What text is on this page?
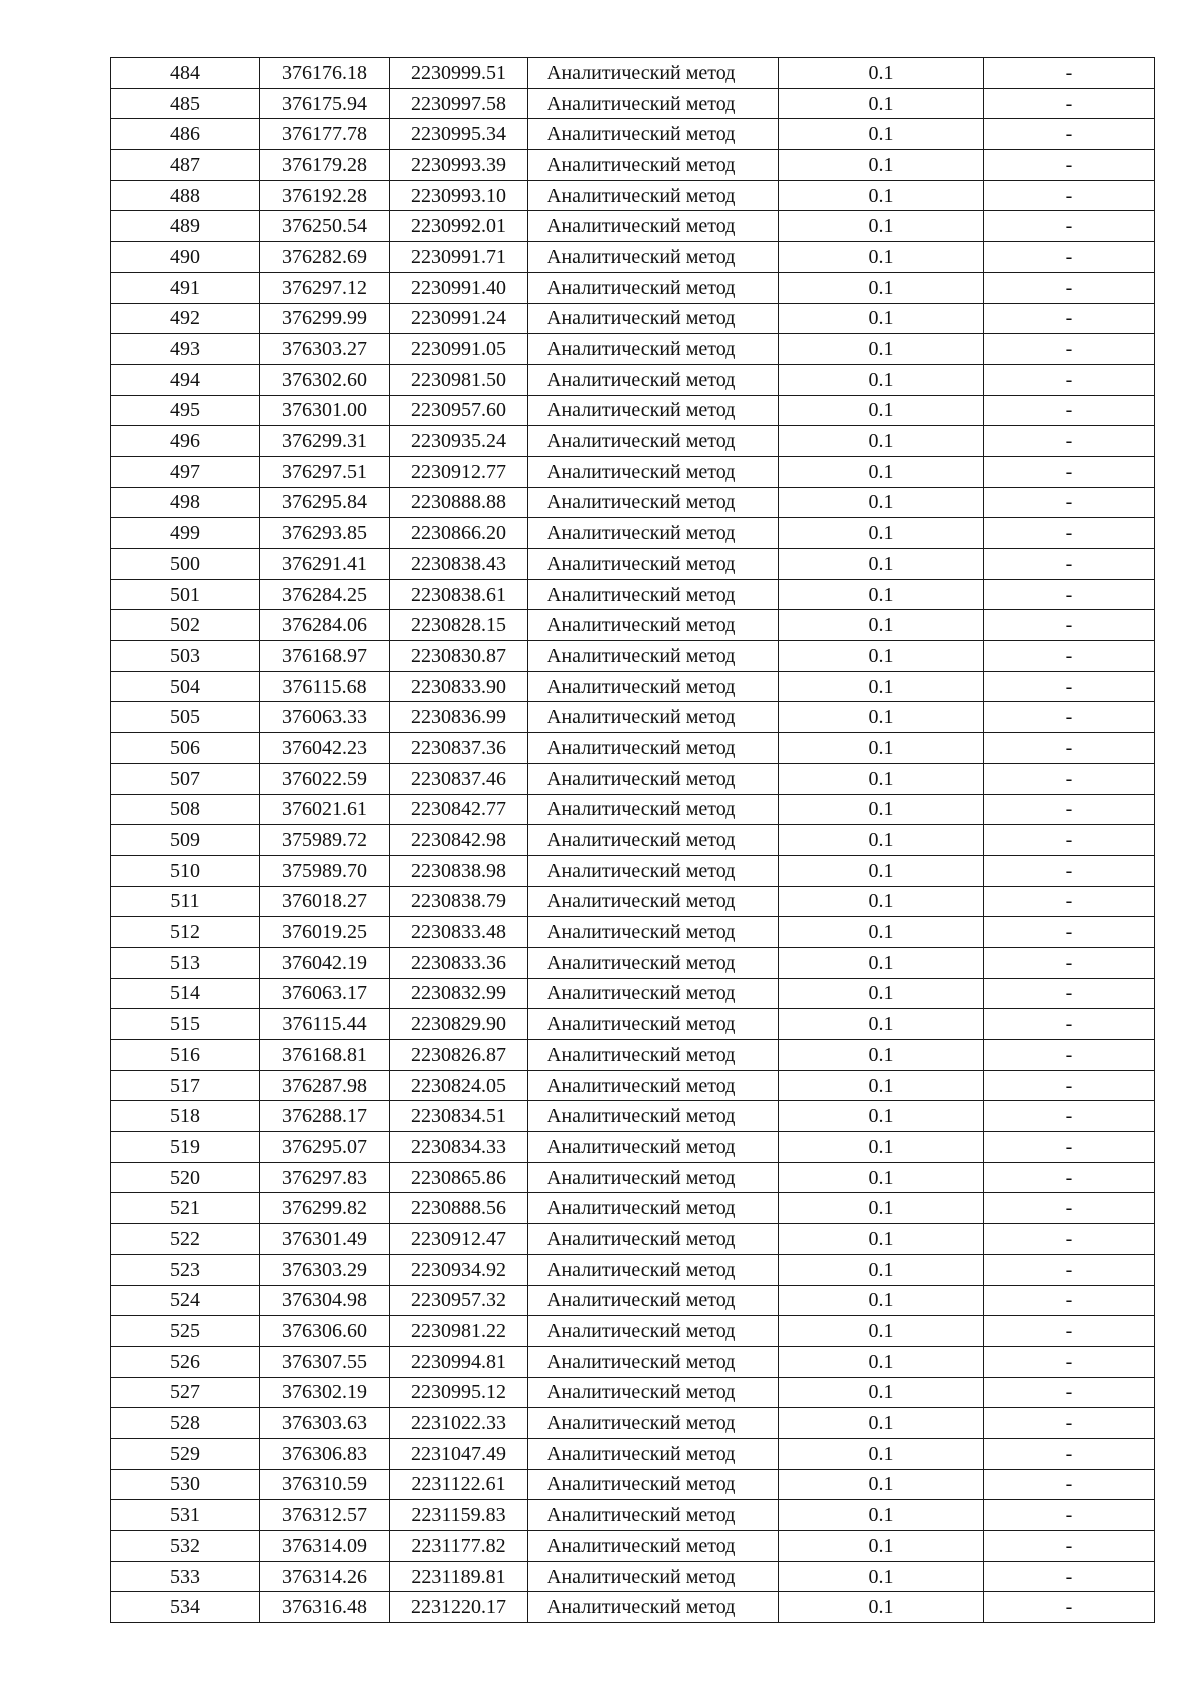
484	376176.18	2230999.51	Аналитический метод	0.1	-
485	376175.94	2230997.58	Аналитический метод	0.1	-
486	376177.78	2230995.34	Аналитический метод	0.1	-
487	376179.28	2230993.39	Аналитический метод	0.1	-
488	376192.28	2230993.10	Аналитический метод	0.1	-
489	376250.54	2230992.01	Аналитический метод	0.1	-
490	376282.69	2230991.71	Аналитический метод	0.1	-
491	376297.12	2230991.40	Аналитический метод	0.1	-
492	376299.99	2230991.24	Аналитический метод	0.1	-
493	376303.27	2230991.05	Аналитический метод	0.1	-
494	376302.60	2230981.50	Аналитический метод	0.1	-
495	376301.00	2230957.60	Аналитический метод	0.1	-
496	376299.31	2230935.24	Аналитический метод	0.1	-
497	376297.51	2230912.77	Аналитический метод	0.1	-
498	376295.84	2230888.88	Аналитический метод	0.1	-
499	376293.85	2230866.20	Аналитический метод	0.1	-
500	376291.41	2230838.43	Аналитический метод	0.1	-
501	376284.25	2230838.61	Аналитический метод	0.1	-
502	376284.06	2230828.15	Аналитический метод	0.1	-
503	376168.97	2230830.87	Аналитический метод	0.1	-
504	376115.68	2230833.90	Аналитический метод	0.1	-
505	376063.33	2230836.99	Аналитический метод	0.1	-
506	376042.23	2230837.36	Аналитический метод	0.1	-
507	376022.59	2230837.46	Аналитический метод	0.1	-
508	376021.61	2230842.77	Аналитический метод	0.1	-
509	375989.72	2230842.98	Аналитический метод	0.1	-
510	375989.70	2230838.98	Аналитический метод	0.1	-
511	376018.27	2230838.79	Аналитический метод	0.1	-
512	376019.25	2230833.48	Аналитический метод	0.1	-
513	376042.19	2230833.36	Аналитический метод	0.1	-
514	376063.17	2230832.99	Аналитический метод	0.1	-
515	376115.44	2230829.90	Аналитический метод	0.1	-
516	376168.81	2230826.87	Аналитический метод	0.1	-
517	376287.98	2230824.05	Аналитический метод	0.1	-
518	376288.17	2230834.51	Аналитический метод	0.1	-
519	376295.07	2230834.33	Аналитический метод	0.1	-
520	376297.83	2230865.86	Аналитический метод	0.1	-
521	376299.82	2230888.56	Аналитический метод	0.1	-
522	376301.49	2230912.47	Аналитический метод	0.1	-
523	376303.29	2230934.92	Аналитический метод	0.1	-
524	376304.98	2230957.32	Аналитический метод	0.1	-
525	376306.60	2230981.22	Аналитический метод	0.1	-
526	376307.55	2230994.81	Аналитический метод	0.1	-
527	376302.19	2230995.12	Аналитический метод	0.1	-
528	376303.63	2231022.33	Аналитический метод	0.1	-
529	376306.83	2231047.49	Аналитический метод	0.1	-
530	376310.59	2231122.61	Аналитический метод	0.1	-
531	376312.57	2231159.83	Аналитический метод	0.1	-
532	376314.09	2231177.82	Аналитический метод	0.1	-
533	376314.26	2231189.81	Аналитический метод	0.1	-
534	376316.48	2231220.17	Аналитический метод	0.1	-
